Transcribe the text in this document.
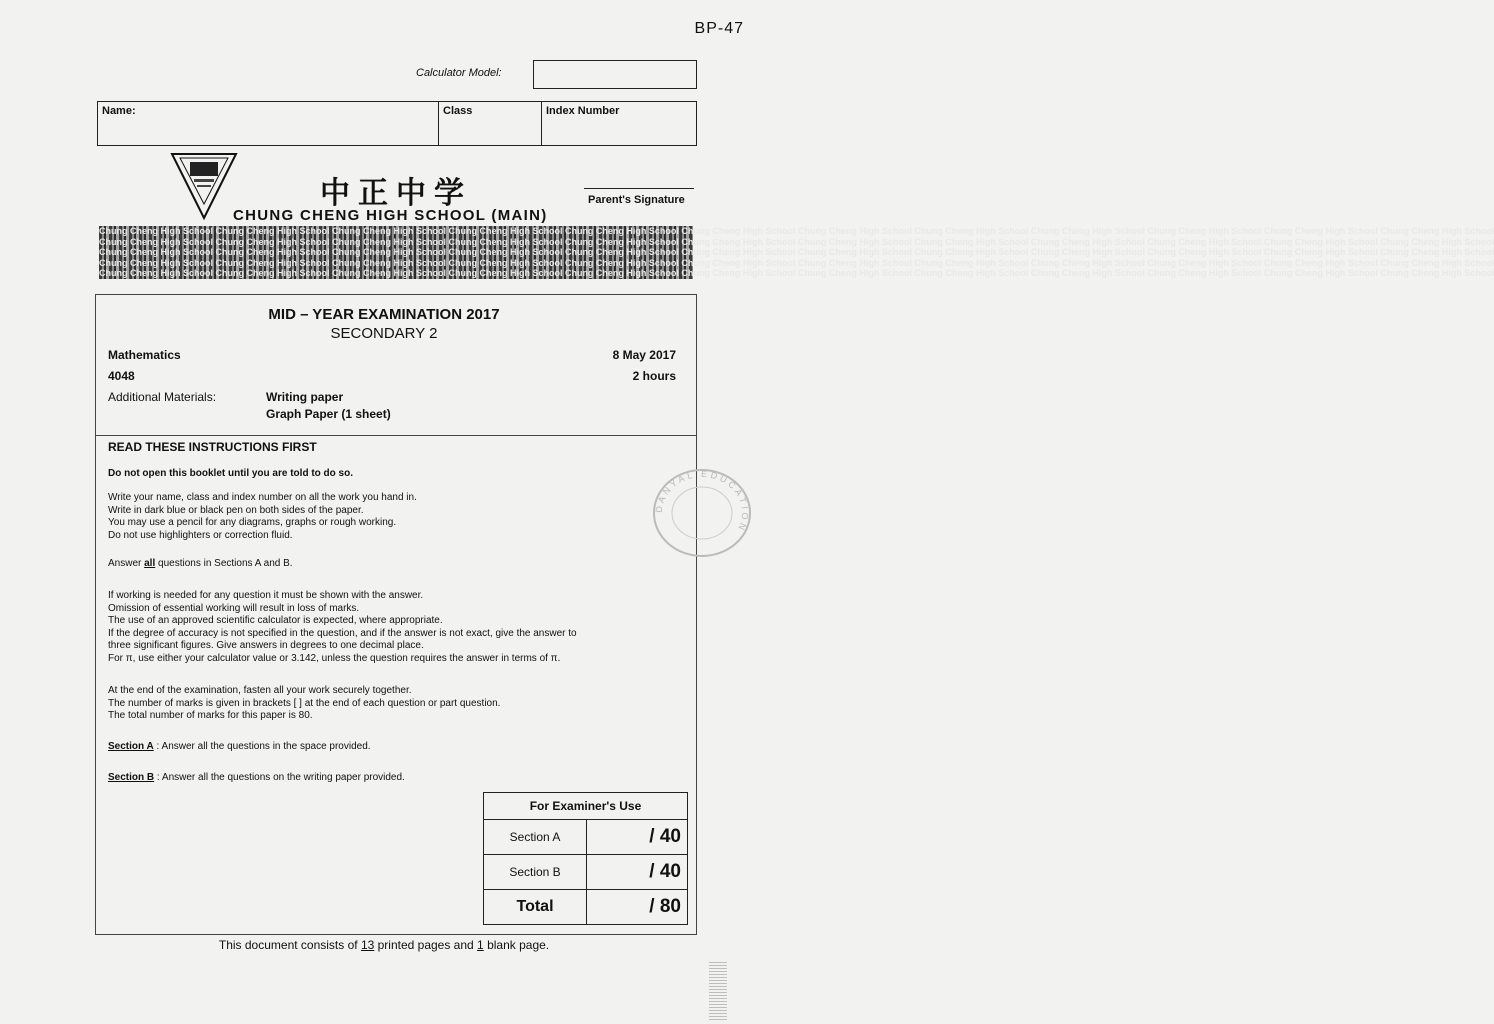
BP-47
Calculator Model:
Name:	Class	Index Number
中正中学
CHUNG CHENG HIGH SCHOOL (MAIN)
Parent's Signature
Chung Cheng High School Chung Cheng High School Chung Cheng High School Chung Cheng High School Chung Cheng High School Chung Cheng High School Chung Cheng High School Chung Cheng High School Chung Cheng High School Chung Cheng High School Chung Cheng High School Chung Cheng High School
Chung Cheng High School Chung Cheng High School Chung Cheng High School Chung Cheng High School Chung Cheng High School Chung Cheng High School Chung Cheng High School Chung Cheng High School Chung Cheng High School Chung Cheng High School Chung Cheng High School Chung Cheng High School
Chung Cheng High School Chung Cheng High School Chung Cheng High School Chung Cheng High School Chung Cheng High School Chung Cheng High School Chung Cheng High School Chung Cheng High School Chung Cheng High School Chung Cheng High School Chung Cheng High School Chung Cheng High School
Chung Cheng High School Chung Cheng High School Chung Cheng High School Chung Cheng High School Chung Cheng High School Chung Cheng High School Chung Cheng High School Chung Cheng High School Chung Cheng High School Chung Cheng High School Chung Cheng High School Chung Cheng High School
Chung Cheng High School Chung Cheng High School Chung Cheng High School Chung Cheng High School Chung Cheng High School Chung Cheng High School Chung Cheng High School Chung Cheng High School Chung Cheng High School Chung Cheng High School Chung Cheng High School Chung Cheng High School
MID – YEAR EXAMINATION 2017
SECONDARY 2
Mathematics
4048
8 May 2017
2 hours
Additional Materials:	Writing paper
Graph Paper (1 sheet)
READ THESE INSTRUCTIONS FIRST
Do not open this booklet until you are told to do so.

Write your name, class and index number on all the work you hand in.

Write in dark blue or black pen on both sides of the paper.

You may use a pencil for any diagrams, graphs or rough working.

Do not use highlighters or correction fluid.

Answer all questions in Sections A and B.

If working is needed for any question it must be shown with the answer.

Omission of essential working will result in loss of marks.

The use of an approved scientific calculator is expected, where appropriate.

If the degree of accuracy is not specified in the question, and if the answer is not exact, give the answer to

three significant figures. Give answers in degrees to one decimal place.

For π, use either your calculator value or 3.142, unless the question requires the answer in terms of π.

At the end of the examination, fasten all your work securely together.

The number of marks is given in brackets [ ] at the end of each question or part question.

The total number of marks for this paper is 80.

Section A : Answer all the questions in the space provided.

Section B : Answer all the questions on the writing paper provided.

For Examiner's Use	
Section A	/ 40
Section B	/ 40
Total	/ 80
This document consists of 13 printed pages and 1 blank page.
DANYAL EDUCATION
